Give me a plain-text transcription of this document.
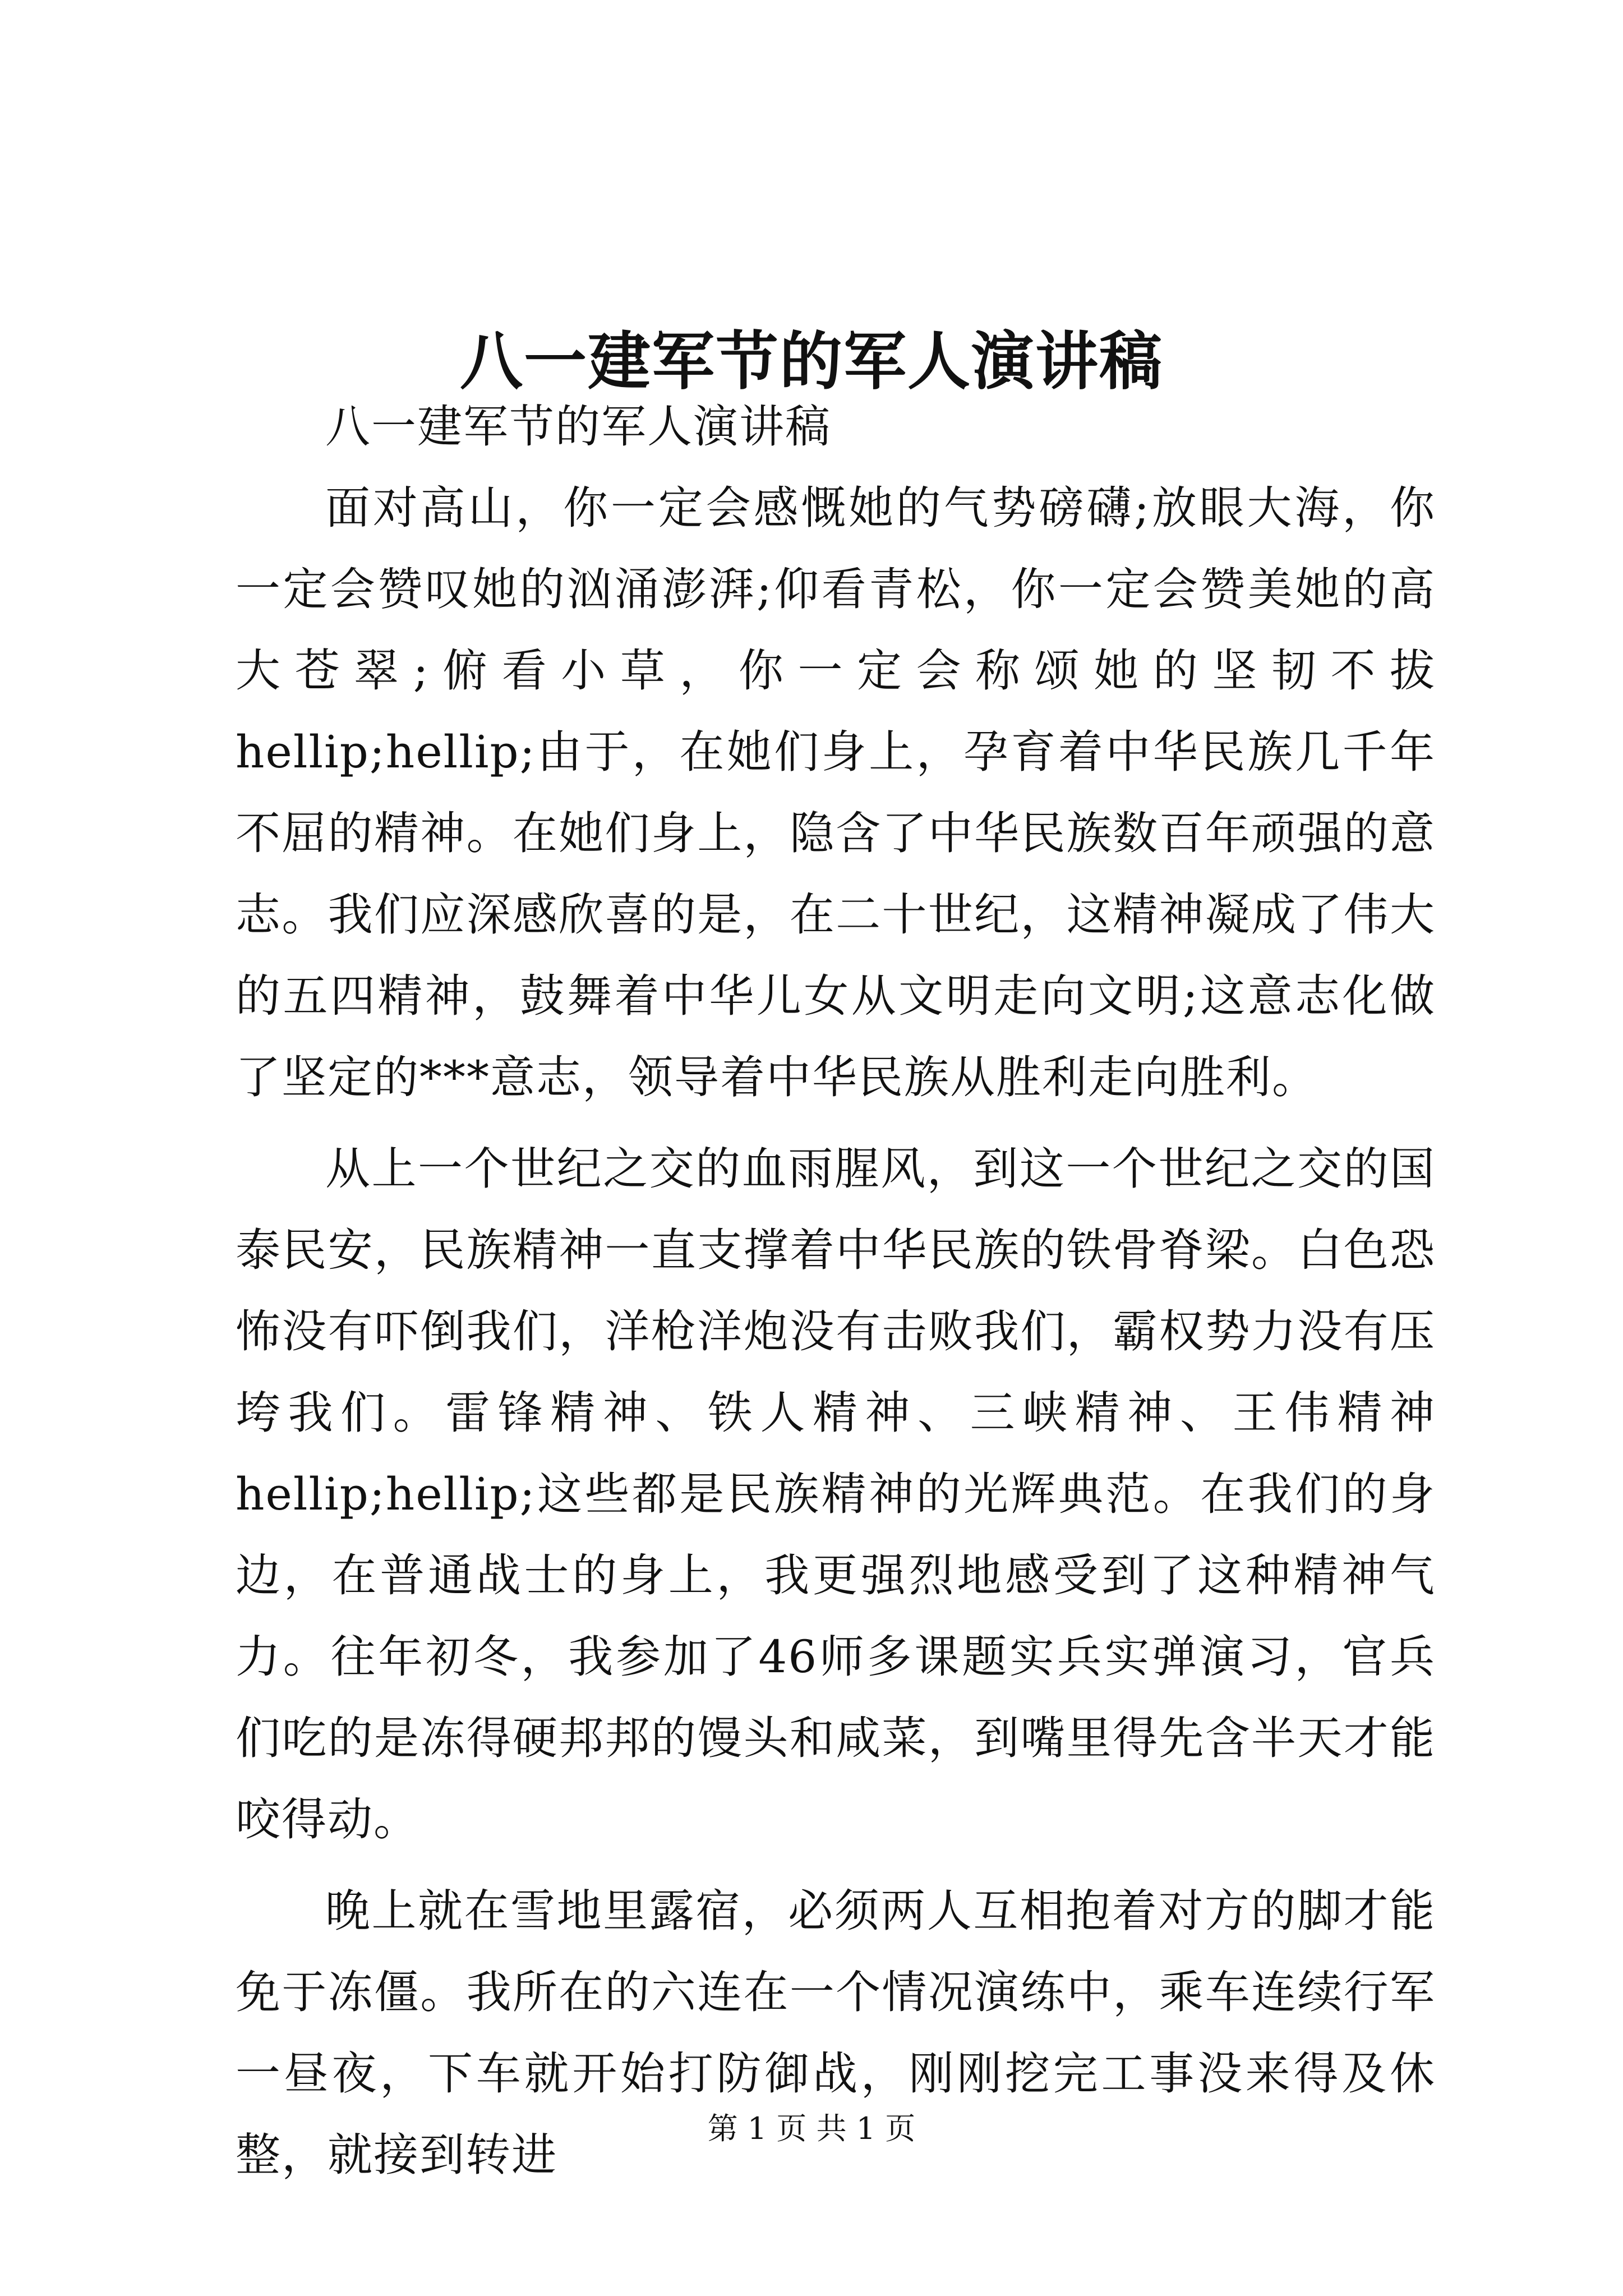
八一建军节的军人演讲稿

八一建军节的军人演讲稿

面对高山，你一定会感慨她的气势磅礴;放眼大海，你一定会赞叹她的汹涌澎湃;仰看青松，你一定会赞美她的高大苍翠;俯看小草，你一定会称颂她的坚韧不拔hellip;hellip;由于，在她们身上，孕育着中华民族几千年不屈的精神。在她们身上，隐含了中华民族数百年顽强的意志。我们应深感欣喜的是，在二十世纪，这精神凝成了伟大的五四精神，鼓舞着中华儿女从文明走向文明;这意志化做了坚定的***意志，领导着中华民族从胜利走向胜利。

从上一个世纪之交的血雨腥风，到这一个世纪之交的国泰民安，民族精神一直支撑着中华民族的铁骨脊梁。白色恐怖没有吓倒我们，洋枪洋炮没有击败我们，霸权势力没有压垮我们。雷锋精神、铁人精神、三峡精神、王伟精神hellip;hellip;这些都是民族精神的光辉典范。在我们的身边，在普通战士的身上，我更强烈地感受到了这种精神气力。往年初冬，我参加了46师多课题实兵实弹演习，官兵们吃的是冻得硬邦邦的馒头和咸菜，到嘴里得先含半天才能咬得动。

晚上就在雪地里露宿，必须两人互相抱着对方的脚才能免于冻僵。我所在的六连在一个情况演练中，乘车连续行军一昼夜，下车就开始打防御战，刚刚挖完工事没来得及休整，就接到转进

第 1 页 共 1 页
